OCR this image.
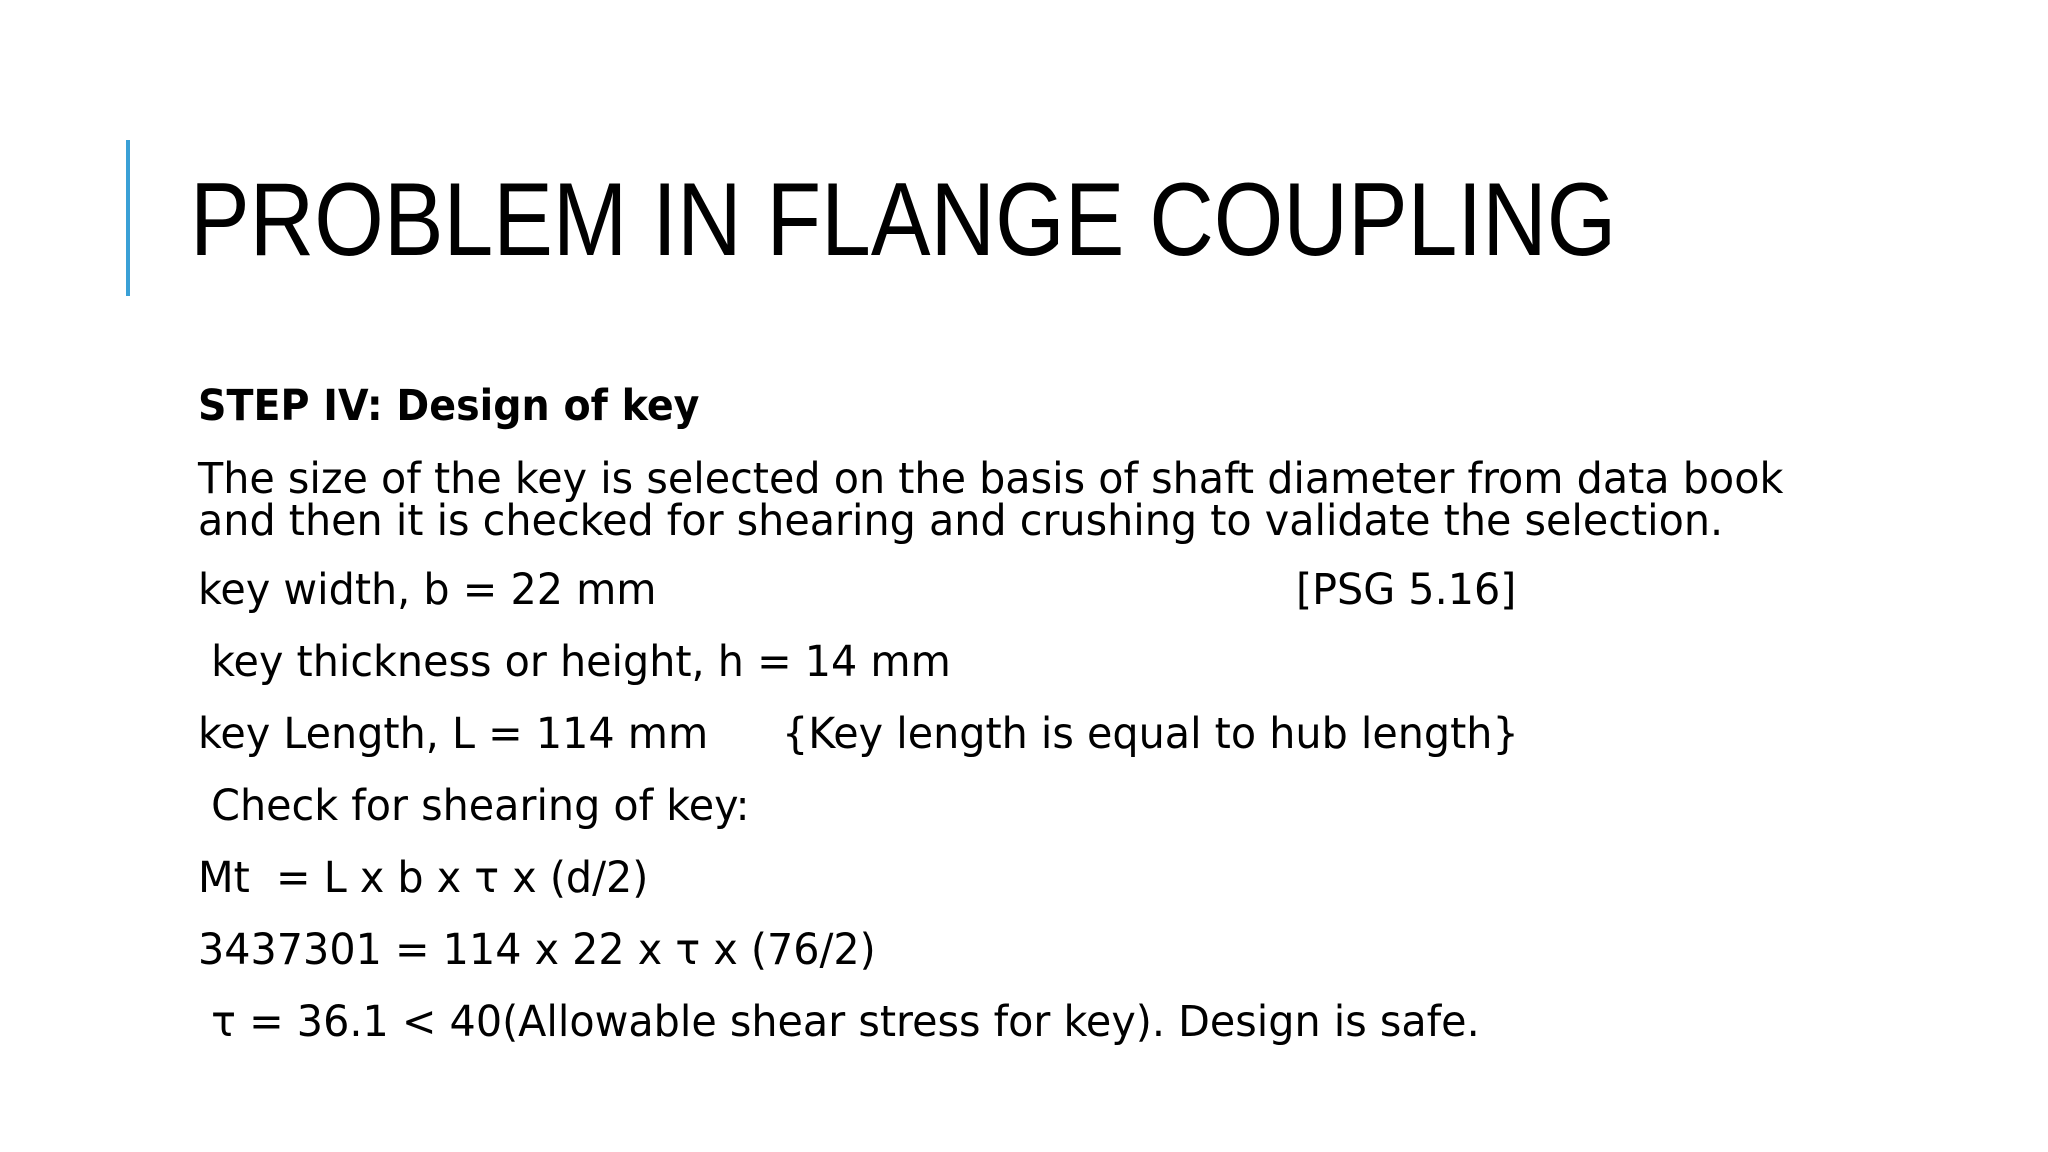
PROBLEM IN FLANGE COUPLING
STEP IV: Design of key
The size of the key is selected on the basis of shaft diameter from data book and then it is checked for shearing and crushing to validate the selection.
key width, b = 22 mm	[PSG 5.16]
key thickness or height, h = 14 mm
key Length, L = 114 mm {Key length is equal to hub length}
Check for shearing of key:
Mt  = L x b x τ x (d/2)
3437301 = 114 x 22 x τ x (76/2)
τ = 36.1 < 40(Allowable shear stress for key). Design is safe.
